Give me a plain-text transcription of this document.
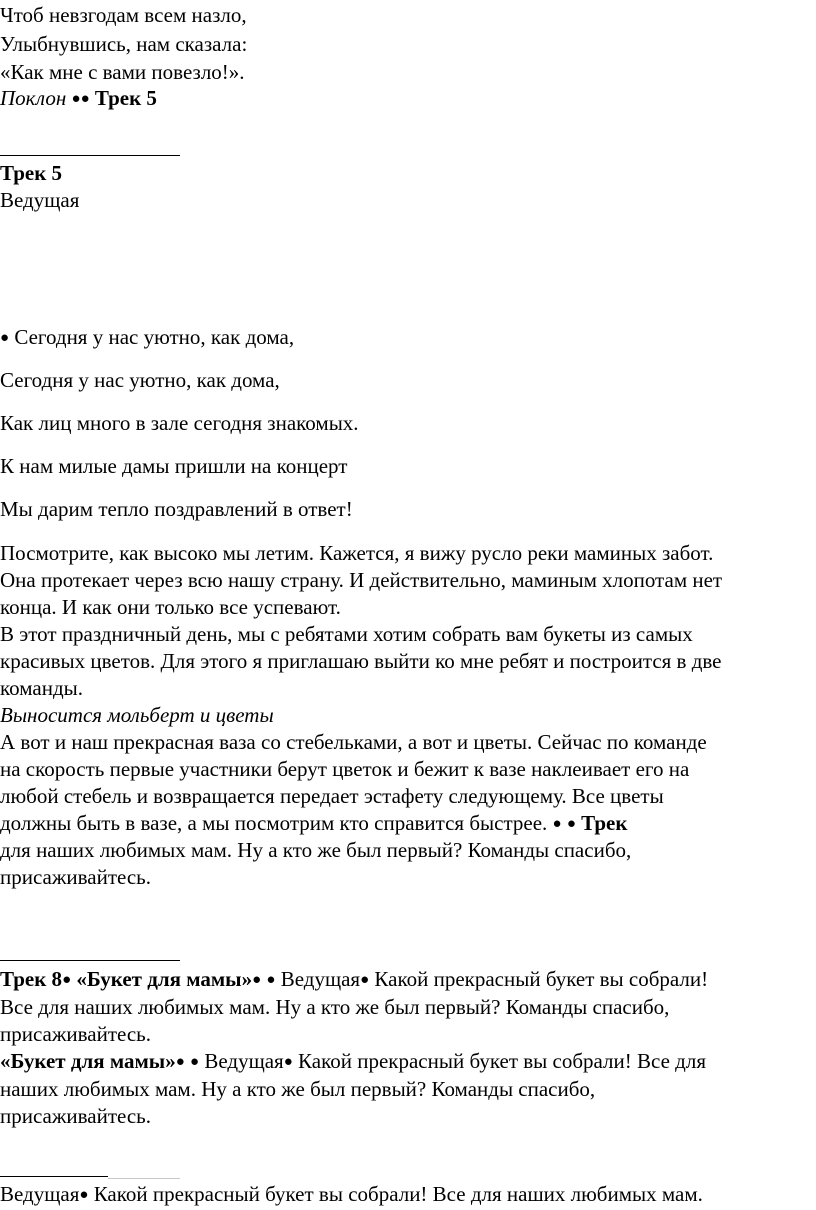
Чтоб невзгодам всем назло,
Улыбнувшись, нам сказала:
«Как мне с вами повезло!».
Поклон ●● Трек 5
Трек 5
Ведущая
● Сегодня у нас уютно, как дома,
Сегодня у нас уютно, как дома,
Как лиц много в зале сегодня знакомых.
К нам милые дамы пришли на концерт
Мы дарим тепло поздравлений в ответ!
Посмотрите, как высоко мы летим. Кажется, я вижу русло реки маминых забот.
Она протекает через всю нашу страну. И действительно, маминым хлопотам нет
конца. И как они только все успевают.
В этот праздничный день, мы с ребятами хотим собрать вам букеты из самых
красивых цветов. Для этого я приглашаю выйти ко мне ребят и построится в две
команды.
Выносится мольберт и цветы
А вот и наш прекрасная ваза со стебельками, а вот и цветы. Сейчас по команде
на скорость первые участники берут цветок и бежит к вазе наклеивает его на
любой стебель и возвращается передает эстафету следующему. Все цветы
должны быть в вазе, а мы посмотрим кто справится быстрее. ● ● Трек
для наших любимых мам. Ну а кто же был первый? Команды спасибо,
присаживайтесь.
Трек 8● «Букет для мамы»● ● Ведущая● Какой прекрасный букет вы собрали!
Все для наших любимых мам. Ну а кто же был первый? Команды спасибо,
присаживайтесь.
«Букет для мамы»● ● Ведущая● Какой прекрасный букет вы собрали! Все для
наших любимых мам. Ну а кто же был первый? Команды спасибо,
присаживайтесь.
Ведущая● Какой прекрасный букет вы собрали! Все для наших любимых мам.
